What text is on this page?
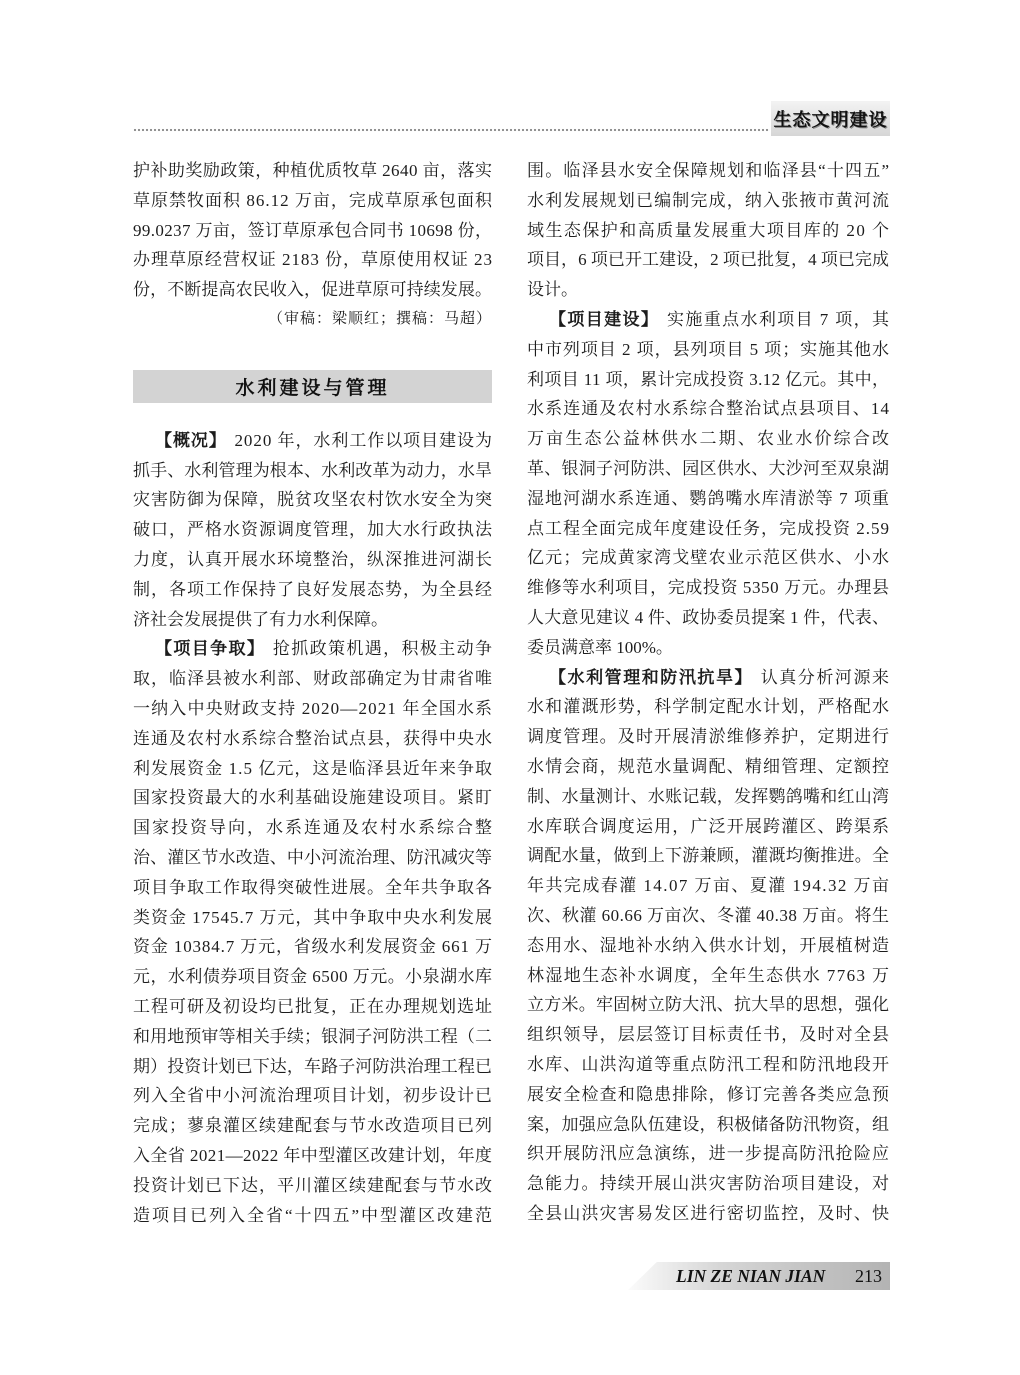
生态文明建设
护补助奖励政策，种植优质牧草 2640 亩，落实
草原禁牧面积 86.12 万亩，完成草原承包面积
99.0237 万亩，签订草原承包合同书 10698 份，
办理草原经营权证 2183 份，草原使用权证 23
份，不断提高农民收入，促进草原可持续发展。
（审稿：梁顺红；撰稿：马超）
水利建设与管理
【概况】 2020 年，水利工作以项目建设为
抓手、水利管理为根本、水利改革为动力，水旱
灾害防御为保障，脱贫攻坚农村饮水安全为突
破口，严格水资源调度管理，加大水行政执法
力度，认真开展水环境整治，纵深推进河湖长
制，各项工作保持了良好发展态势，为全县经
济社会发展提供了有力水利保障。
【项目争取】 抢抓政策机遇，积极主动争
取，临泽县被水利部、财政部确定为甘肃省唯
一纳入中央财政支持 2020—2021 年全国水系
连通及农村水系综合整治试点县，获得中央水
利发展资金 1.5 亿元，这是临泽县近年来争取
国家投资最大的水利基础设施建设项目。紧盯
国家投资导向，水系连通及农村水系综合整
治、灌区节水改造、中小河流治理、防汛减灾等
项目争取工作取得突破性进展。全年共争取各
类资金 17545.7 万元，其中争取中央水利发展
资金 10384.7 万元，省级水利发展资金 661 万
元，水利债券项目资金 6500 万元。小泉湖水库
工程可研及初设均已批复，正在办理规划选址
和用地预审等相关手续；银洞子河防洪工程（二
期）投资计划已下达，车路子河防洪治理工程已
列入全省中小河流治理项目计划，初步设计已
完成；蓼泉灌区续建配套与节水改造项目已列
入全省 2021—2022 年中型灌区改建计划，年度
投资计划已下达，平川灌区续建配套与节水改
造项目已列入全省“十四五”中型灌区改建范
围。临泽县水安全保障规划和临泽县“十四五”
水利发展规划已编制完成，纳入张掖市黄河流
域生态保护和高质量发展重大项目库的 20 个
项目，6 项已开工建设，2 项已批复，4 项已完成
设计。
【项目建设】 实施重点水利项目 7 项，其
中市列项目 2 项，县列项目 5 项；实施其他水
利项目 11 项，累计完成投资 3.12 亿元。其中，
水系连通及农村水系综合整治试点县项目、14
万亩生态公益林供水二期、农业水价综合改
革、银洞子河防洪、园区供水、大沙河至双泉湖
湿地河湖水系连通、鹦鸽嘴水库清淤等 7 项重
点工程全面完成年度建设任务，完成投资 2.59
亿元；完成黄家湾戈壁农业示范区供水、小水
维修等水利项目，完成投资 5350 万元。办理县
人大意见建议 4 件、政协委员提案 1 件，代表、
委员满意率 100%。
【水利管理和防汛抗旱】 认真分析河源来
水和灌溉形势，科学制定配水计划，严格配水
调度管理。及时开展清淤维修养护，定期进行
水情会商，规范水量调配、精细管理、定额控
制、水量测计、水账记载，发挥鹦鸽嘴和红山湾
水库联合调度运用，广泛开展跨灌区、跨渠系
调配水量，做到上下游兼顾，灌溉均衡推进。全
年共完成春灌 14.07 万亩、夏灌 194.32 万亩
次、秋灌 60.66 万亩次、冬灌 40.38 万亩。将生
态用水、湿地补水纳入供水计划，开展植树造
林湿地生态补水调度，全年生态供水 7763 万
立方米。牢固树立防大汛、抗大旱的思想，强化
组织领导，层层签订目标责任书，及时对全县
水库、山洪沟道等重点防汛工程和防汛地段开
展安全检查和隐患排除，修订完善各类应急预
案，加强应急队伍建设，积极储备防汛物资，组
织开展防汛应急演练，进一步提高防汛抢险应
急能力。持续开展山洪灾害防治项目建设，对
全县山洪灾害易发区进行密切监控，及时、快
LIN ZE NIAN JIAN 213
